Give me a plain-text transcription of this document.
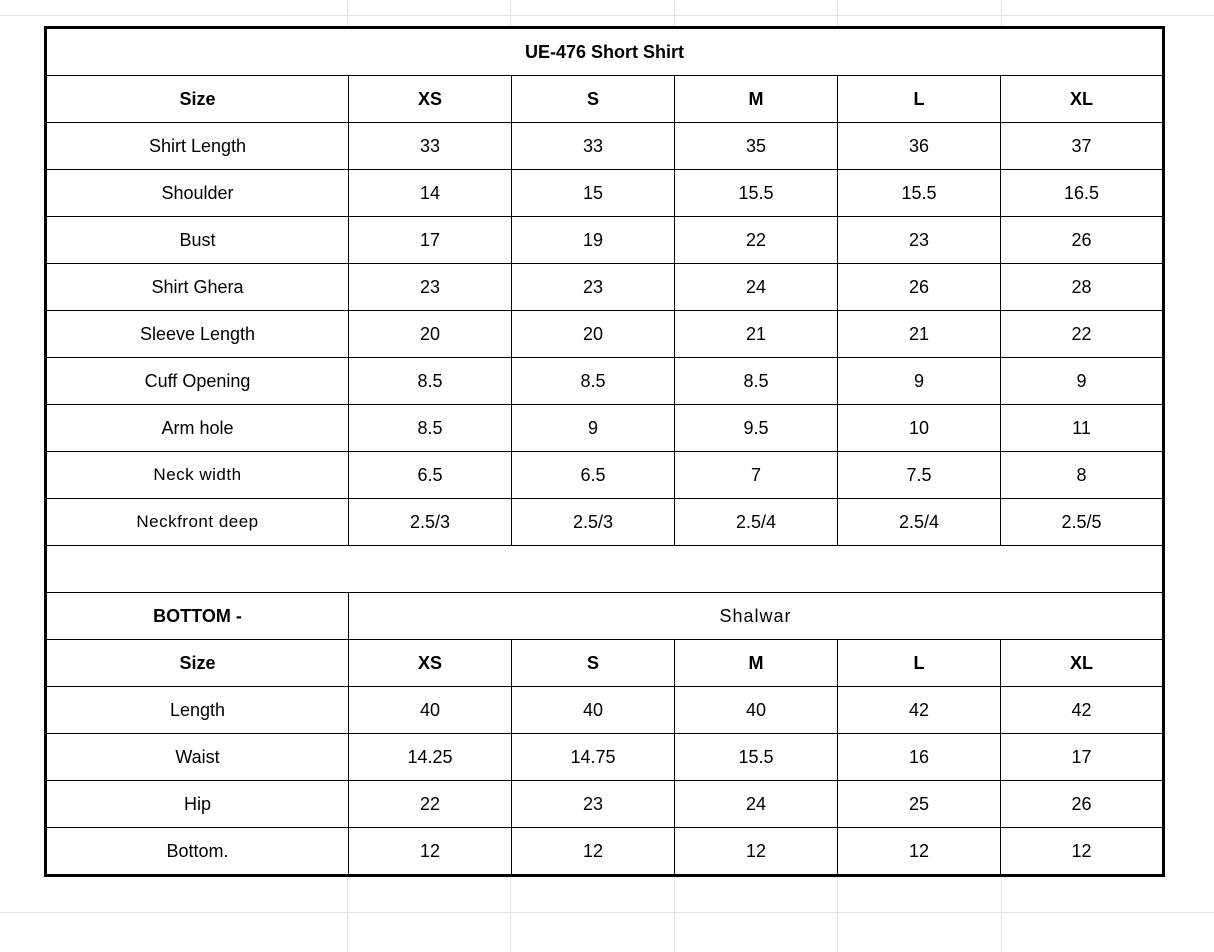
UE-476 Short Shirt					
Size	XS	S	M	L	XL
Shirt Length	33	33	35	36	37
Shoulder	14	15	15.5	15.5	16.5
Bust	17	19	22	23	26
Shirt Ghera	23	23	24	26	28
Sleeve Length	20	20	21	21	22
Cuff Opening	8.5	8.5	8.5	9	9
Arm hole	8.5	9	9.5	10	11
Neck width	6.5	6.5	7	7.5	8
Neckfront deep	2.5/3	2.5/3	2.5/4	2.5/4	2.5/5

BOTTOM -	Shalwar				
Size	XS	S	M	L	XL
Length	40	40	40	42	42
Waist	14.25	14.75	15.5	16	17
Hip	22	23	24	25	26
Bottom.	12	12	12	12	12
